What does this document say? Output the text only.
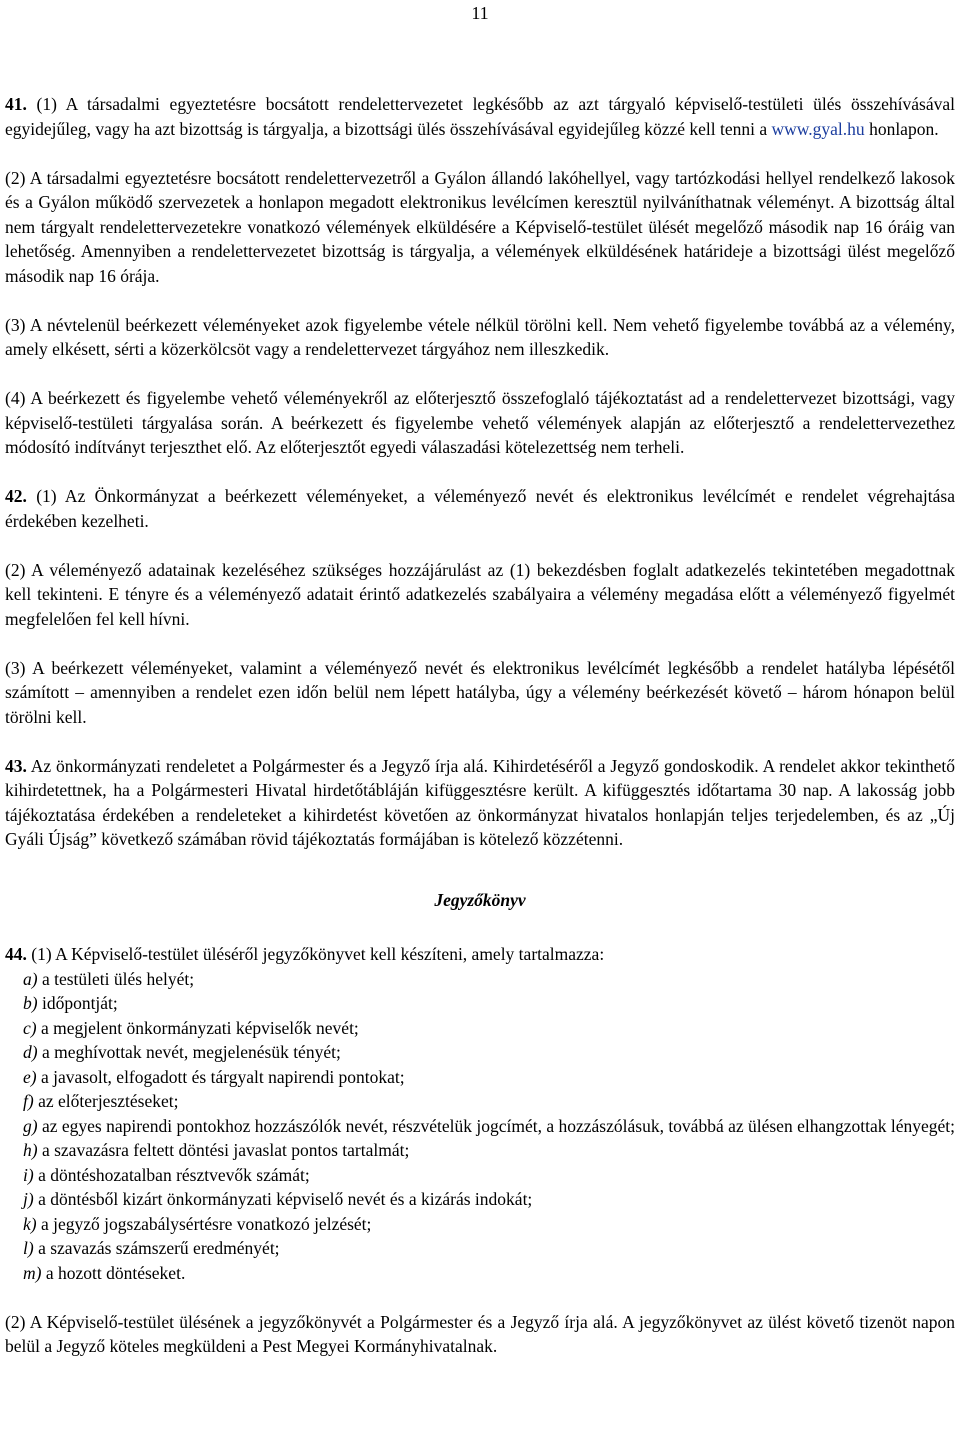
11

41. (1) A társadalmi egyeztetésre bocsátott rendelettervezetet legkésőbb az azt tárgyaló képviselő-testületi ülés összehívásával egyidejűleg, vagy ha azt bizottság is tárgyalja, a bizottsági ülés összehívásával egyidejűleg közzé kell tenni a www.gyal.hu honlapon.

(2) A társadalmi egyeztetésre bocsátott rendelettervezetről a Gyálon állandó lakóhellyel, vagy tartózkodási hellyel rendelkező lakosok és a Gyálon működő szervezetek a honlapon megadott elektronikus levélcímen keresztül nyilváníthatnak véleményt. A bizottság által nem tárgyalt rendelettervezetekre vonatkozó vélemények elküldésére a Képviselő-testület ülését megelőző második nap 16 óráig van lehetőség. Amennyiben a rendelettervezetet bizottság is tárgyalja, a vélemények elküldésének határideje a bizottsági ülést megelőző második nap 16 órája.

(3) A névtelenül beérkezett véleményeket azok figyelembe vétele nélkül törölni kell. Nem vehető figyelembe továbbá az a vélemény, amely elkésett, sérti a közerkölcsöt vagy a rendelettervezet tárgyához nem illeszkedik.

(4) A beérkezett és figyelembe vehető véleményekről az előterjesztő összefoglaló tájékoztatást ad a rendelettervezet bizottsági, vagy képviselő-testületi tárgyalása során. A beérkezett és figyelembe vehető vélemények alapján az előterjesztő a rendelettervezethez módosító indítványt terjeszthet elő. Az előterjesztőt egyedi válaszadási kötelezettség nem terheli.

42. (1) Az Önkormányzat a beérkezett véleményeket, a véleményező nevét és elektronikus levélcímét e rendelet végrehajtása érdekében kezelheti.

(2) A véleményező adatainak kezeléséhez szükséges hozzájárulást az (1) bekezdésben foglalt adatkezelés tekintetében megadottnak kell tekinteni. E tényre és a véleményező adatait érintő adatkezelés szabályaira a vélemény megadása előtt a véleményező figyelmét megfelelően fel kell hívni.

(3) A beérkezett véleményeket, valamint a véleményező nevét és elektronikus levélcímét legkésőbb a rendelet hatályba lépésétől számított – amennyiben a rendelet ezen időn belül nem lépett hatályba, úgy a vélemény beérkezését követő – három hónapon belül törölni kell.

43. Az önkormányzati rendeletet a Polgármester és a Jegyző írja alá. Kihirdetéséről a Jegyző gondoskodik. A rendelet akkor tekinthető kihirdetettnek, ha a Polgármesteri Hivatal hirdetőtábláján kifüggesztésre került. A kifüggesztés időtartama 30 nap. A lakosság jobb tájékoztatása érdekében a rendeleteket a kihirdetést követően az önkormányzat hivatalos honlapján teljes terjedelemben, és az „Új Gyáli Újság” következő számában rövid tájékoztatás formájában is kötelező közzétenni.

Jegyzőkönyv

44. (1) A Képviselő-testület üléséről jegyzőkönyvet kell készíteni, amely tartalmazza:

a) a testületi ülés helyét;
b) időpontját;
c) a megjelent önkormányzati képviselők nevét;
d) a meghívottak nevét, megjelenésük tényét;
e) a javasolt, elfogadott és tárgyalt napirendi pontokat;
f) az előterjesztéseket;
g) az egyes napirendi pontokhoz hozzászólók nevét, részvételük jogcímét, a hozzászólásuk, továbbá az ülésen elhangzottak lényegét;
h) a szavazásra feltett döntési javaslat pontos tartalmát;
i) a döntéshozatalban résztvevők számát;
j) a döntésből kizárt önkormányzati képviselő nevét és a kizárás indokát;
k) a jegyző jogszabálysértésre vonatkozó jelzését;
l) a szavazás számszerű eredményét;
m) a hozott döntéseket.

(2) A Képviselő-testület ülésének a jegyzőkönyvét a Polgármester és a Jegyző írja alá. A jegyzőkönyvet az ülést követő tizenöt napon belül a Jegyző köteles megküldeni a Pest Megyei Kormányhivatalnak.
